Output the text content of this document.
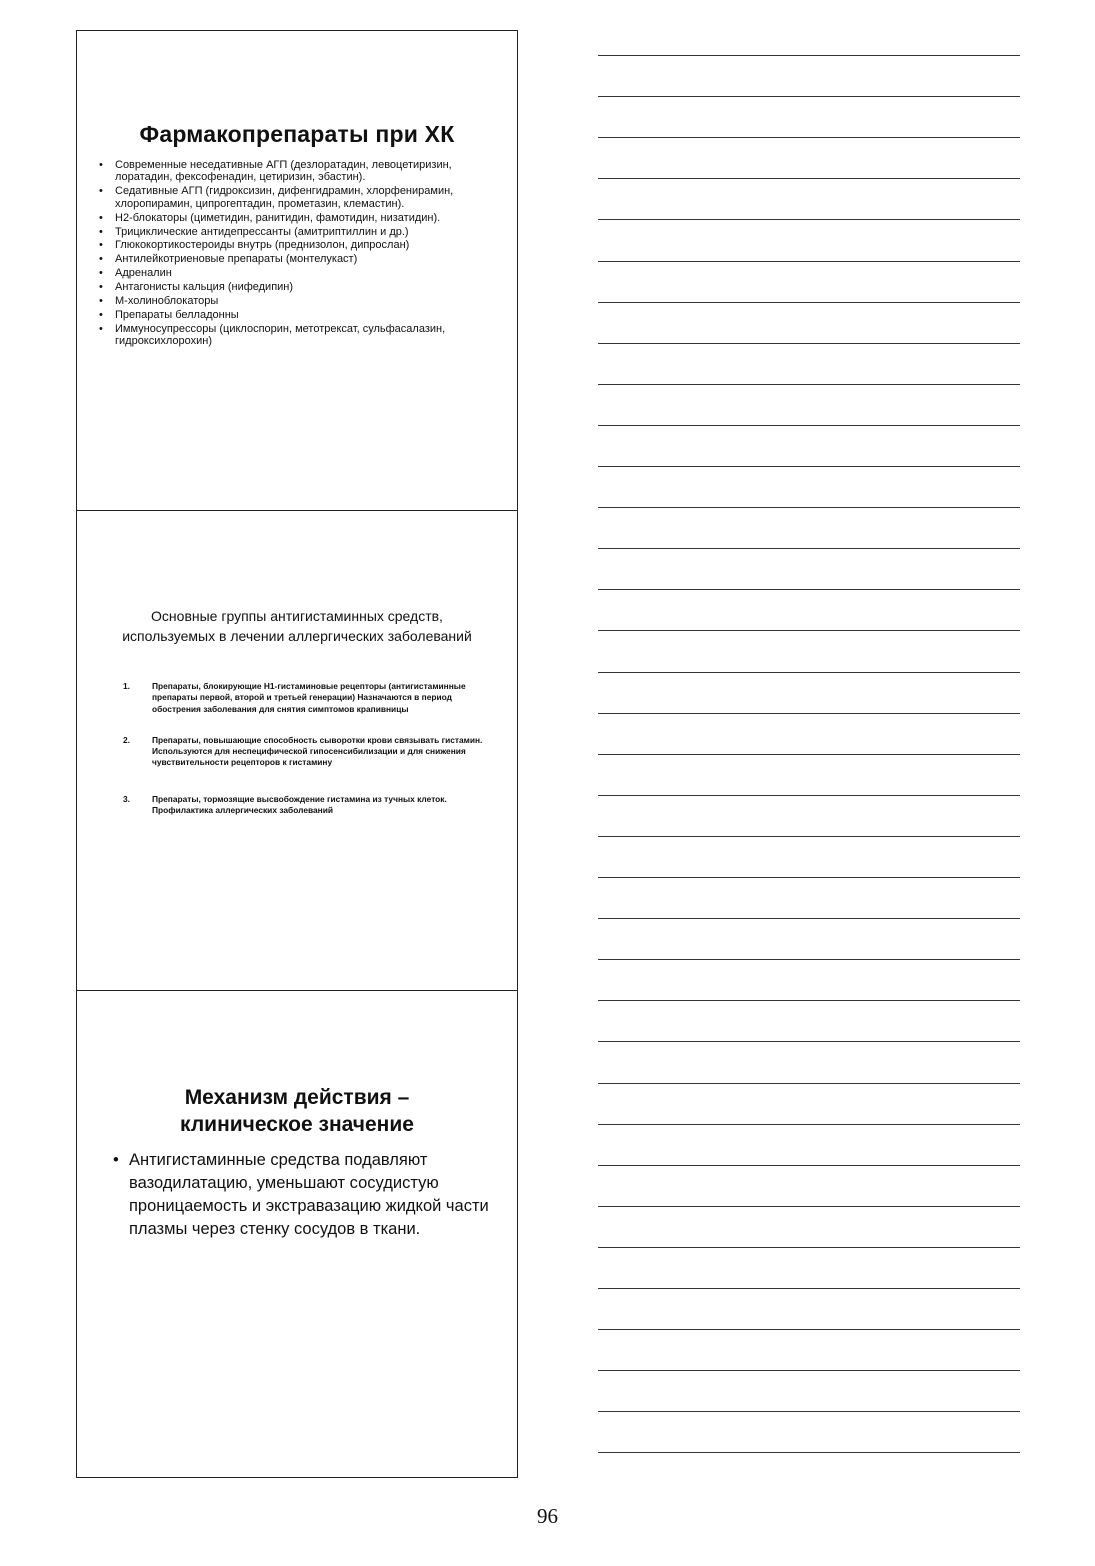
Фармакопрепараты при ХК
• Современные неседативные АГП (дезлоратадин, левоцетиризин, лоратадин, фексофенадин, цетиризин, эбастин).
• Седативные АГП (гидроксизин, дифенгидрамин, хлорфенирамин, хлоропирамин, ципрогептадин, прометазин, клемастин).
• Н2-блокаторы (циметидин, ранитидин, фамотидин, низатидин).
• Трициклические антидепрессанты (амитриптиллин и др.)
• Глюкокортикостероиды внутрь (преднизолон, дипрослан)
• Антилейкотриеновые препараты (монтелукаст)
• Адреналин
• Антагонисты кальция (нифедипин)
• М-холиноблокаторы
• Препараты белладонны
• Иммуносупрессоры (циклоспорин, метотрексат, сульфасалазин, гидроксихлорохин)
Основные группы антигистаминных средств,
используемых в лечении аллергических заболеваний
1.	Препараты, блокирующие Н1-гистаминовые рецепторы (антигистаминные препараты первой, второй и третьей генерации) Назначаются в период обострения заболевания для снятия симптомов крапивницы
2.	Препараты, повышающие способность сыворотки крови связывать гистамин. Используются для неспецифической гипосенсибилизации и для снижения чувствительности рецепторов к гистамину
3.	Препараты, тормозящие высвобождение гистамина из тучных клеток. Профилактика аллергических заболеваний
Механизм действия –
клиническое значение
• Антигистаминные средства подавляют вазодилатацию, уменьшают сосудистую проницаемость и экстравазацию жидкой части плазмы через стенку сосудов в ткани.
96
